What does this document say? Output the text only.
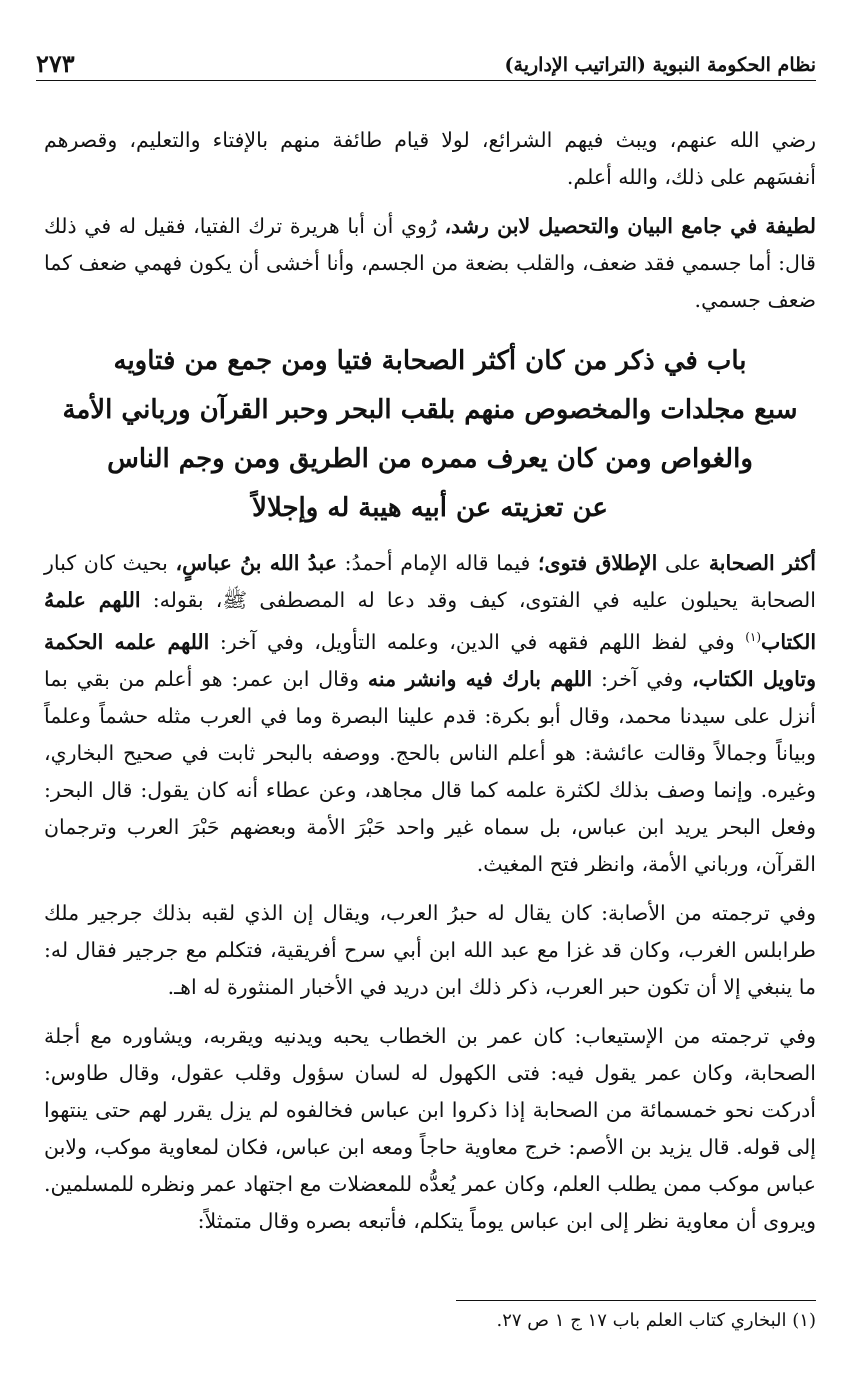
نظام الحكومة النبوية (التراتيب الإدارية)
٢٧٣

رضي الله عنهم، ويبث فيهم الشرائع، لولا قيام طائفة منهم بالإفتاء والتعليم، وقصرهم أنفسَهم على ذلك، والله أعلم.

لطيفة في جامع البيان والتحصيل لابن رشد، رُوي أن أبا هريرة ترك الفتيا، فقيل له في ذلك قال: أما جسمي فقد ضعف، والقلب بضعة من الجسم، وأنا أخشى أن يكون فهمي ضعف كما ضعف جسمي.

باب في ذكر من كان أكثر الصحابة فتيا ومن جمع من فتاويه
سبع مجلدات والمخصوص منهم بلقب البحر وحبر القرآن ورباني الأمة
والغواص ومن كان يعرف ممره من الطريق ومن وجم الناس
عن تعزيته عن أبيه هيبة له وإجلالاً

أكثر الصحابة على الإطلاق فتوى؛ فيما قاله الإمام أحمدُ: عبدُ الله بنُ عباسٍ، بحيث كان كبار الصحابة يحيلون عليه في الفتوى، كيف وقد دعا له المصطفى ﷺ، بقوله: اللهم علمهُ الكتاب$^{(١)}$ وفي لفظ اللهم فقهه في الدين، وعلمه التأويل، وفي آخر: اللهم علمه الحكمة وتاويل الكتاب، وفي آخر: اللهم بارك فيه وانشر منه وقال ابن عمر: هو أعلم من بقي بما أنزل على سيدنا محمد، وقال أبو بكرة: قدم علينا البصرة وما في العرب مثله حشماً وعلماً وبياناً وجمالاً وقالت عائشة: هو أعلم الناس بالحج. ووصفه بالبحر ثابت في صحيح البخاري، وغيره. وإنما وصف بذلك لكثرة علمه كما قال مجاهد، وعن عطاء أنه كان يقول: قال البحر: وفعل البحر يريد ابن عباس، بل سماه غير واحد حَبْرَ الأمة وبعضهم حَبْرَ العرب وترجمان القرآن، ورباني الأمة، وانظر فتح المغيث.

وفي ترجمته من الأصابة: كان يقال له حبرُ العرب، ويقال إن الذي لقبه بذلك جرجير ملك طرابلس الغرب، وكان قد غزا مع عبد الله ابن أبي سرح أفريقية، فتكلم مع جرجير فقال له: ما ينبغي إلا أن تكون حبر العرب، ذكر ذلك ابن دريد في الأخبار المنثورة له اهـ.

وفي ترجمته من الإستيعاب: كان عمر بن الخطاب يحبه ويدنيه ويقربه، ويشاوره مع أجلة الصحابة، وكان عمر يقول فيه: فتى الكهول له لسان سؤول وقلب عقول، وقال طاوس: أدركت نحو خمسمائة من الصحابة إذا ذكروا ابن عباس فخالفوه لم يزل يقرر لهم حتى ينتهوا إلى قوله. قال يزيد بن الأصم: خرج معاوية حاجاً ومعه ابن عباس، فكان لمعاوية موكب، ولابن عباس موكب ممن يطلب العلم، وكان عمر يُعدُّه للمعضلات مع اجتهاد عمر ونظره للمسلمين. ويروى أن معاوية نظر إلى ابن عباس يوماً يتكلم، فأتبعه بصره وقال متمثلاً:

(١) البخاري كتاب العلم باب ١٧ ج ١ ص ٢٧.
